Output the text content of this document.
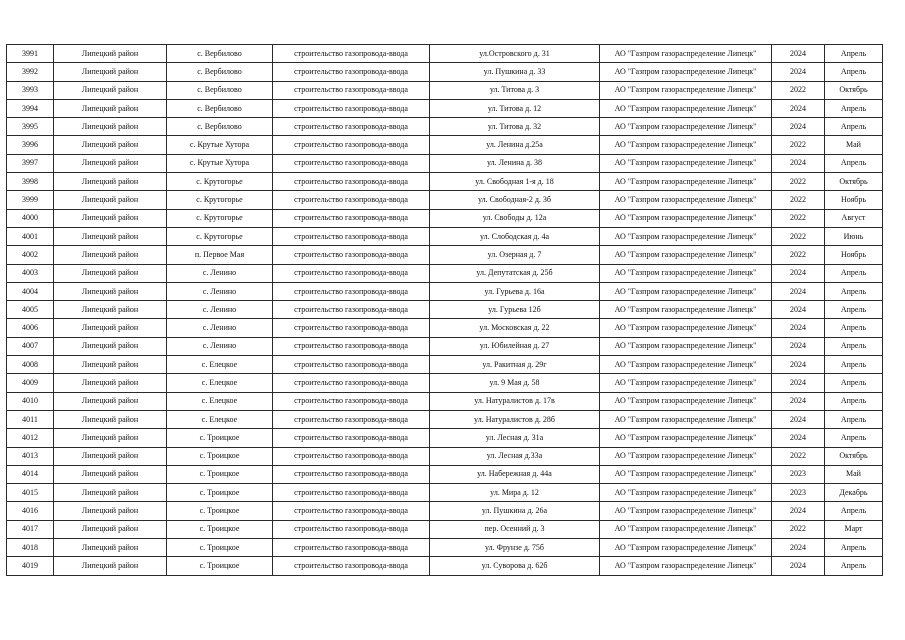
3991	Липецкий район	с. Вербилово	строительство газопровода-ввода	ул.Островского д. 31	АО "Газпром газораспределение Липецк"	2024	Апрель
3992	Липецкий район	с. Вербилово	строительство газопровода-ввода	ул. Пушкина д. 33	АО "Газпром газораспределение Липецк"	2024	Апрель
3993	Липецкий район	с. Вербилово	строительство газопровода-ввода	ул. Титова д. 3	АО "Газпром газораспределение Липецк"	2022	Октябрь
3994	Липецкий район	с. Вербилово	строительство газопровода-ввода	ул. Титова д. 12	АО "Газпром газораспределение Липецк"	2024	Апрель
3995	Липецкий район	с. Вербилово	строительство газопровода-ввода	ул. Титова д. 32	АО "Газпром газораспределение Липецк"	2024	Апрель
3996	Липецкий район	с. Крутые Хутора	строительство газопровода-ввода	ул. Ленина д.25а	АО "Газпром газораспределение Липецк"	2022	Май
3997	Липецкий район	с. Крутые Хутора	строительство газопровода-ввода	ул. Ленина д. 38	АО "Газпром газораспределение Липецк"	2024	Апрель
3998	Липецкий район	с. Крутогорье	строительство газопровода-ввода	ул. Свободная 1-я д. 18	АО "Газпром газораспределение Липецк"	2022	Октябрь
3999	Липецкий район	с. Крутогорье	строительство газопровода-ввода	ул. Свободная-2 д. 3б	АО "Газпром газораспределение Липецк"	2022	Ноябрь
4000	Липецкий район	с. Крутогорье	строительство газопровода-ввода	ул. Свободы д. 12а	АО "Газпром газораспределение Липецк"	2022	Август
4001	Липецкий район	с. Крутогорье	строительство газопровода-ввода	ул. Слободская д. 4а	АО "Газпром газораспределение Липецк"	2022	Июнь
4002	Липецкий район	п. Первое Мая	строительство газопровода-ввода	ул. Озерная д. 7	АО "Газпром газораспределение Липецк"	2022	Ноябрь
4003	Липецкий район	с. Ленино	строительство газопровода-ввода	ул. Депутатская д. 25б	АО "Газпром газораспределение Липецк"	2024	Апрель
4004	Липецкий район	с. Ленино	строительство газопровода-ввода	ул. Гурьева д. 16а	АО "Газпром газораспределение Липецк"	2024	Апрель
4005	Липецкий район	с. Ленино	строительство газопровода-ввода	ул. Гурьева 12б	АО "Газпром газораспределение Липецк"	2024	Апрель
4006	Липецкий район	с. Ленино	строительство газопровода-ввода	ул. Московская д. 22	АО "Газпром газораспределение Липецк"	2024	Апрель
4007	Липецкий район	с. Ленино	строительство газопровода-ввода	ул. Юбилейная д. 27	АО "Газпром газораспределение Липецк"	2024	Апрель
4008	Липецкий район	с. Елецкое	строительство газопровода-ввода	ул. Ракитная д. 29г	АО "Газпром газораспределение Липецк"	2024	Апрель
4009	Липецкий район	с. Елецкое	строительство газопровода-ввода	ул. 9 Мая д. 58	АО "Газпром газораспределение Липецк"	2024	Апрель
4010	Липецкий район	с. Елецкое	строительство газопровода-ввода	ул. Натуралистов д. 17в	АО "Газпром газораспределение Липецк"	2024	Апрель
4011	Липецкий район	с. Елецкое	строительство газопровода-ввода	ул. Натуралистов д. 28б	АО "Газпром газораспределение Липецк"	2024	Апрель
4012	Липецкий район	с. Троицкое	строительство газопровода-ввода	ул. Лесная д. 31а	АО "Газпром газораспределение Липецк"	2024	Апрель
4013	Липецкий район	с. Троицкое	строительство газопровода-ввода	ул. Лесная д.33а	АО "Газпром газораспределение Липецк"	2022	Октябрь
4014	Липецкий район	с. Троицкое	строительство газопровода-ввода	ул. Набережная д. 44а	АО "Газпром газораспределение Липецк"	2023	Май
4015	Липецкий район	с. Троицкое	строительство газопровода-ввода	ул. Мира д. 12	АО "Газпром газораспределение Липецк"	2023	Декабрь
4016	Липецкий район	с. Троицкое	строительство газопровода-ввода	ул. Пушкина д. 26а	АО "Газпром газораспределение Липецк"	2024	Апрель
4017	Липецкий район	с. Троицкое	строительство газопровода-ввода	пер. Осенний д. 3	АО "Газпром газораспределение Липецк"	2022	Март
4018	Липецкий район	с. Троицкое	строительство газопровода-ввода	ул. Фрунзе д. 75б	АО "Газпром газораспределение Липецк"	2024	Апрель
4019	Липецкий район	с. Троицкое	строительство газопровода-ввода	ул. Суворова д. 62б	АО "Газпром газораспределение Липецк"	2024	Апрель
